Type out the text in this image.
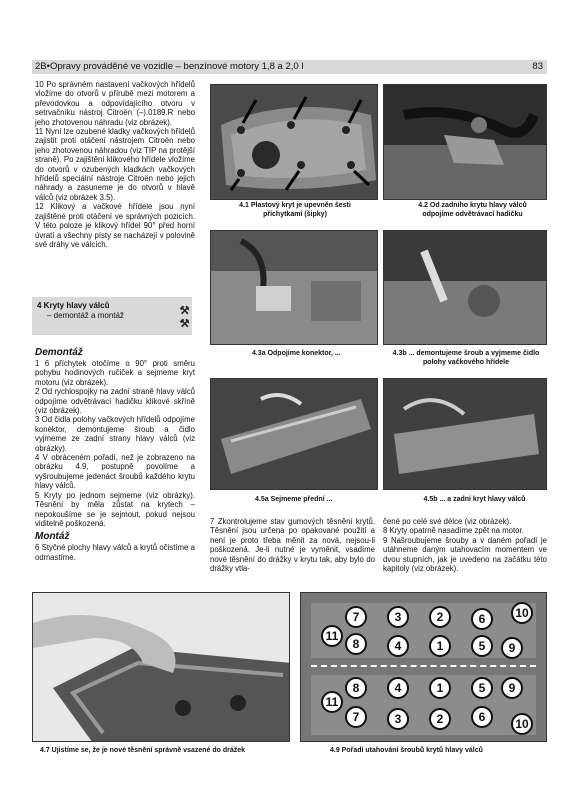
2B•Opravy prováděné ve vozidle – benzínové motory 1,8 a 2,0 l	83

10 Po správném nastavení vačkových hřídelů vložíme do otvorů v přírubě mezi motorem a převodovkou a odpovídajícího otvoru v setrvačníku nástroj Citroën (–).0189.R nebo jeho zhotovenou náhradu (viz obrázek).

11 Nyní lze ozubené kladky vačkových hřídelů zajistit proti otáčení nástrojem Citroën nebo jeho zhotovenou náhradou (viz TIP na protější straně). Po zajištění klikového hřídele vložíme do otvorů v ozubených kladkách vačkových hřídelů speciální nástroje Citroën nebo jejich náhrady a zasuneme je do otvorů v hlavě válců (viz obrázek 3.5).

12 Klikový a vačkové hřídele jsou nyní zajištěné proti otáčení ve správných pozicích. V této poloze je klikový hřídel 90° před horní úvratí a všechny písty se nacházejí v polovině své dráhy ve válcích.

4 Kryty hlavy válců
– demontáž a montáž	⚒⚒
Demontáž

1 6 příchytek otočíme o 90° proti směru pohybu hodinových ručiček a sejmeme kryt motoru (viz obrázek).

2 Od rychlospojky na zadní straně hlavy válců odpojíme odvětrávací hadičku klikové skříně (viz obrázek).

3 Od čidla polohy vačkových hřídelů odpojíme konektor, demontujeme šroub a čidlo vyjmeme ze zadní strany hlavy válců (viz obrázky).

4 V obráceném pořadí, než je zobrazeno na obrázku 4.9, postupně povolíme a vyšroubujeme jedenáct šroubů každého krytu hlavy válců.

5 Kryty po jednom sejmeme (viz obrázky). Těsnění by měla zůstat na krytech – nepokoušíme se je sejmout, pokud nejsou viditelně poškozená.

Montáž

6 Styčné plochy hlavy válců a krytů očistíme a odmastíme.

4.1 Plastový kryt je upevněn šesti příchytkami (šipky)
4.2 Od zadního krytu hlavy válců odpojíme odvětrávací hadičku
4.3a Odpojíme konektor, ...	4.3b ... demontujeme šroub a vyjmeme čidlo polohy vačkového hřídele
4.5a Sejmeme přední ...	4.5b ... a zadní kryt hlavy válců

7 Zkontrolujeme stav gumových těsnění krytů. Těsnění jsou určena po opakované použití a není je proto třeba měnit za nová, nejsou-li poškozená. Je-li nutné je vyměnit, vsadíme nové těsnění do drážky v krytu tak, aby bylo do drážky vtla-

čené po celé své délce (viz obrázek).

8 Kryty opatrně nasadíme zpět na motor.

9 Našroubujeme šrouby a v daném pořadí je utáhneme daným utahovacím momentem ve dvou stupních, jak je uvedeno na začátku této kapitoly (viz obrázek).

4.7 Ujistíme se, že je nové těsnění správně vsazené do drážek
7	3	2	6	10
11
8	4	1	5	9
8	4	1	5	9
11
7	3	2	6	10
4.9 Pořadí utahování šroubů krytů hlavy válců
